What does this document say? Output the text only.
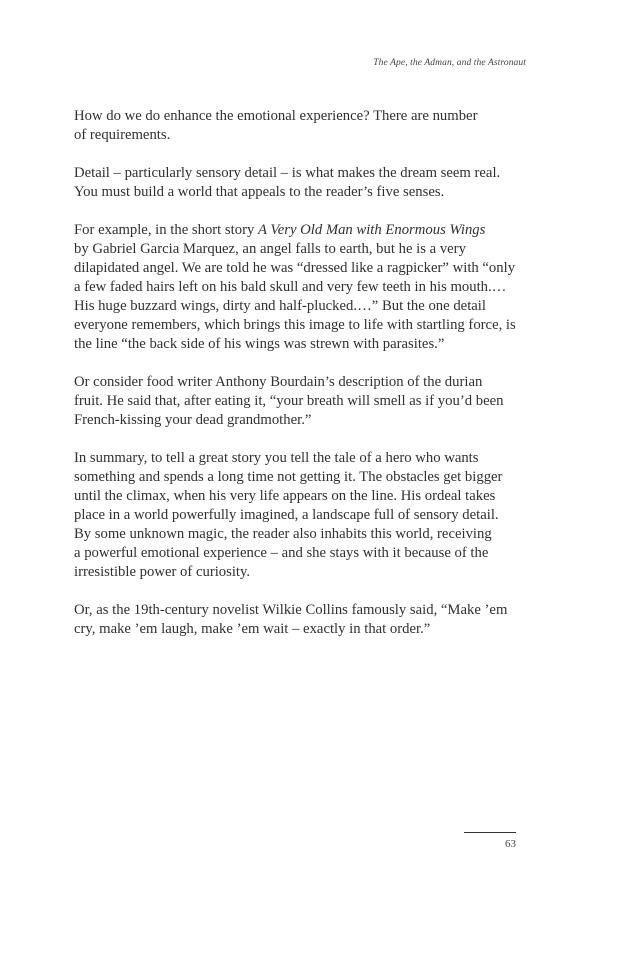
The Ape, the Adman, and the Astronaut

How do we do enhance the emotional experience? There are number
of requirements.

Detail – particularly sensory detail – is what makes the dream seem real.
You must build a world that appeals to the reader’s five senses.

For example, in the short story A Very Old Man with Enormous Wings
by Gabriel Garcia Marquez, an angel falls to earth, but he is a very
dilapidated angel. We are told he was “dressed like a ragpicker” with “only
a few faded hairs left on his bald skull and very few teeth in his mouth.…
His huge buzzard wings, dirty and half-plucked.…” But the one detail
everyone remembers, which brings this image to life with startling force, is
the line “the back side of his wings was strewn with parasites.”

Or consider food writer Anthony Bourdain’s description of the durian
fruit. He said that, after eating it, “your breath will smell as if you’d been
French-kissing your dead grandmother.”

In summary, to tell a great story you tell the tale of a hero who wants
something and spends a long time not getting it. The obstacles get bigger
until the climax, when his very life appears on the line. His ordeal takes
place in a world powerfully imagined, a landscape full of sensory detail.
By some unknown magic, the reader also inhabits this world, receiving
a powerful emotional experience – and she stays with it because of the
irresistible power of curiosity.

Or, as the 19th-century novelist Wilkie Collins famously said, “Make ’em
cry, make ’em laugh, make ’em wait – exactly in that order.”

63
